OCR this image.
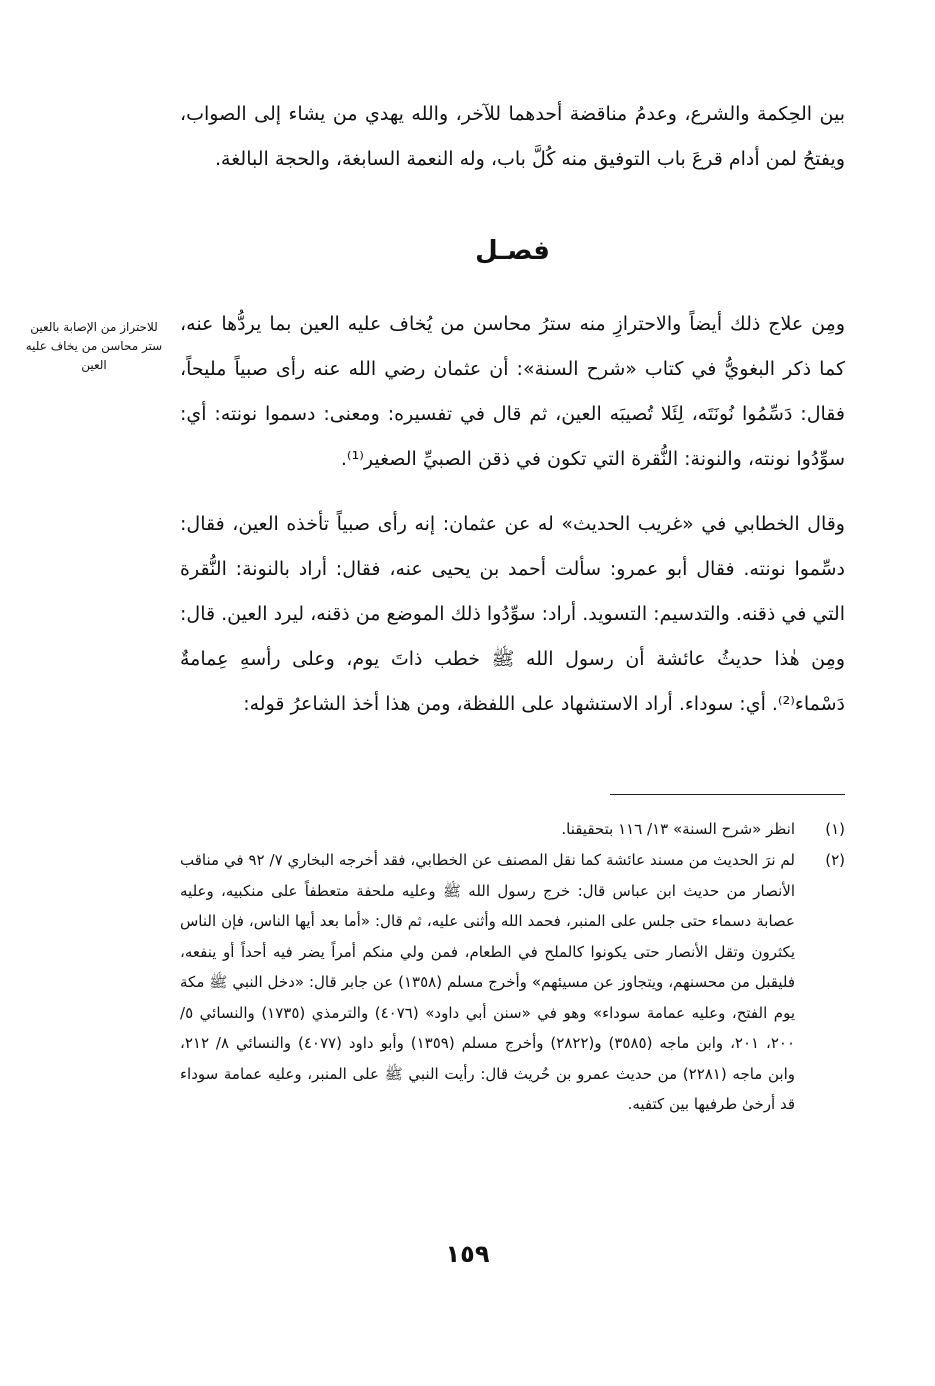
بين الحِكمة والشرع، وعدمُ مناقضة أحدهما للآخر، والله يهدي من يشاء إلى الصواب، ويفتحُ لمن أدام قرعَ باب التوفيق منه كُلَّ باب، وله النعمة السابغة، والحجة البالغة.

فصـل

ومِن علاج ذلك أيضاً والاحترازِ منه سترُ محاسن من يُخاف عليه العين بما يردُّها عنه، كما ذكر البغويُّ في كتاب «شرح السنة»: أن عثمان رضي الله عنه رأى صبياً مليحاً، فقال: دَسِّمُوا نُونَتَه، لِئَلا تُصيبَه العين، ثم قال في تفسيره: ومعنى: دسموا نونته: أي: سوِّدُوا نونته، والنونة: النُّقرة التي تكون في ذقن الصبيِّ الصغير⁽¹⁾.

للاحتراز من الإصابة بالعين ستر محاسن من يخاف عليه العين

وقال الخطابي في «غريب الحديث» له عن عثمان: إنه رأى صبياً تأخذه العين، فقال: دسِّموا نونته. فقال أبو عمرو: سألت أحمد بن يحيى عنه، فقال: أراد بالنونة: النُّقرة التي في ذقنه. والتدسيم: التسويد. أراد: سوِّدُوا ذلك الموضع من ذقنه، ليرد العين. قال: ومِن هٰذا حديثُ عائشة أن رسول الله ﷺ خطب ذاتَ يوم، وعلى رأسهِ عِمامةٌ دَسْماء⁽²⁾. أي: سوداء. أراد الاستشهاد على اللفظة، ومن هذا أخذ الشاعرُ قوله:

(١)
انظر «شرح السنة» ١٣/ ١١٦ بتحقيقنا.
(٢)
لم نرَ الحديث من مسند عائشة كما نقل المصنف عن الخطابي، فقد أخرجه البخاري ٧/ ٩٢ في مناقب الأنصار من حديث ابن عباس قال: خرج رسول الله ﷺ وعليه ملحفة متعطفاً على منكبيه، وعليه عصابة دسماء حتى جلس على المنبر، فحمد الله وأثنى عليه، ثم قال: «أما بعد أيها الناس، فإن الناس يكثرون وتقل الأنصار حتى يكونوا كالملح في الطعام، فمن ولي منكم أمراً يضر فيه أحداً أو ينفعه، فليقبل من محسنهم، ويتجاوز عن مسيئهم» وأخرج مسلم (١٣٥٨) عن جابر قال: «دخل النبي ﷺ مكة يوم الفتح، وعليه عمامة سوداء» وهو في «سنن أبي داود» (٤٠٧٦) والترمذي (١٧٣٥) والنسائي ٥/ ٢٠٠، ٢٠١، وابن ماجه (٣٥٨٥) و(٢٨٢٢) وأخرج مسلم (١٣٥٩) وأبو داود (٤٠٧٧) والنسائي ٨/ ٢١٢، وابن ماجه (٢٢٨١) من حديث عمرو بن حُريث قال: رأيت النبي ﷺ على المنبر، وعليه عمامة سوداء قد أرخىٰ طرفيها بين كتفيه.
١٥٩
